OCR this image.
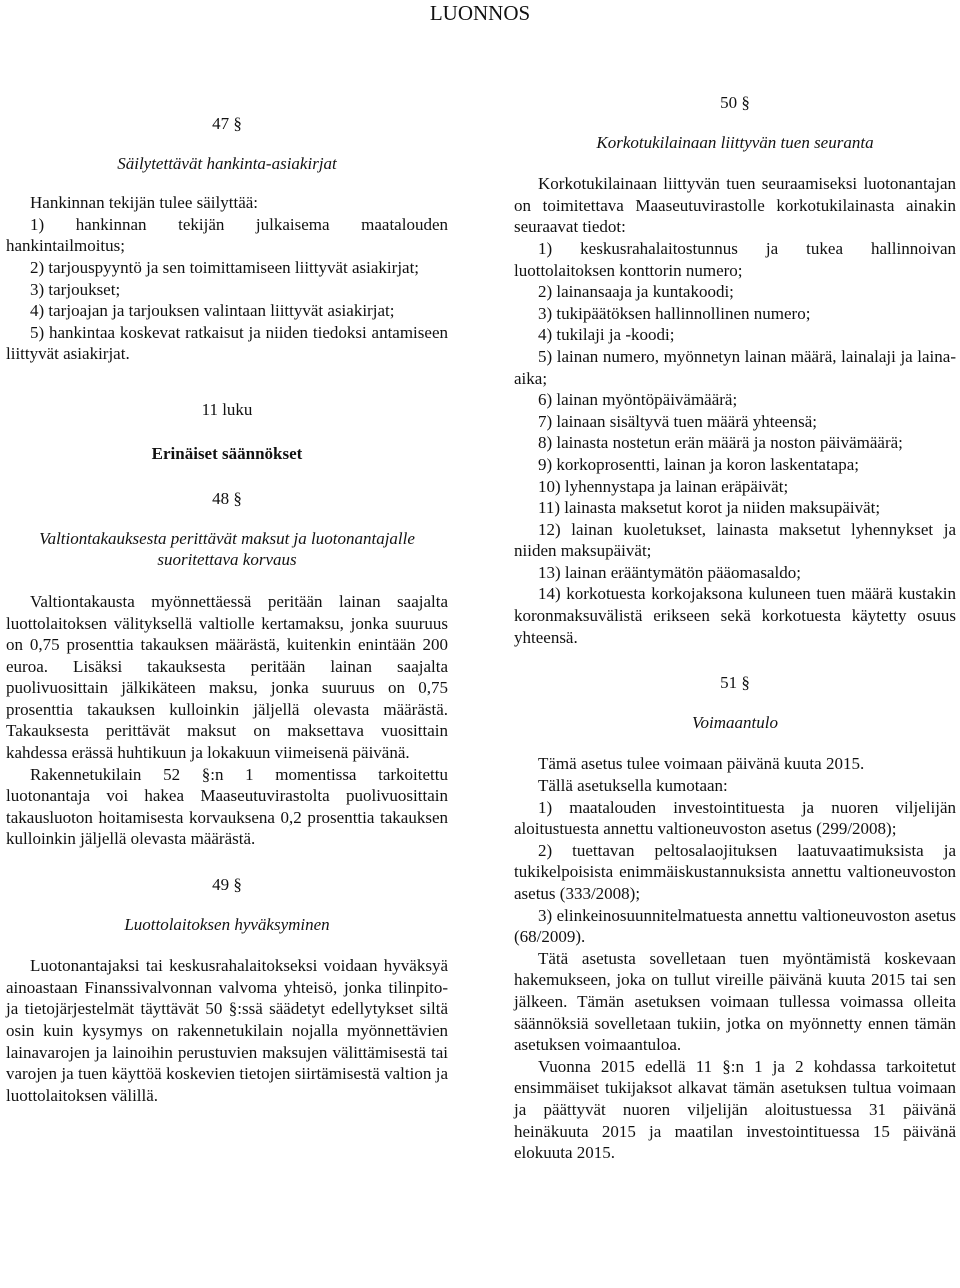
LUONNOS

47 §

Säilytettävät hankinta-asiakirjat

Hankinnan tekijän tulee säilyttää:

1) hankinnan tekijän julkaisema maatalouden hankintailmoitus;

2) tarjouspyyntö ja sen toimittamiseen liittyvät asiakirjat;

3) tarjoukset;

4) tarjoajan ja tarjouksen valintaan liittyvät asiakirjat;

5) hankintaa koskevat ratkaisut ja niiden tiedoksi antamiseen liittyvät asiakirjat.

11 luku

Erinäiset säännökset

48 §

Valtiontakauksesta perittävät maksut ja luotonantajalle suoritettava korvaus

Valtiontakausta myönnettäessä peritään lainan saajalta luottolaitoksen välityksellä valtiolle kertamaksu, jonka suuruus on 0,75 prosenttia takauksen määrästä, kuitenkin enintään 200 euroa. Lisäksi takauksesta peritään lainan saajalta puolivuosittain jälkikäteen maksu, jonka suuruus on 0,75 prosenttia takauksen kulloinkin jäljellä olevasta määrästä. Takauksesta perittävät maksut on maksettava vuosittain kahdessa erässä huhtikuun ja lokakuun viimeisenä päivänä.

Rakennetukilain 52 §:n 1 momentissa tarkoitettu luotonantaja voi hakea Maaseutuvirastolta puolivuosittain takausluoton hoitamisesta korvauksena 0,2 prosenttia takauksen kulloinkin jäljellä olevasta määrästä.

49 §

Luottolaitoksen hyväksyminen

Luotonantajaksi tai keskusrahalaitokseksi voidaan hyväksyä ainoastaan Finanssivalvonnan valvoma yhteisö, jonka tilinpito- ja tietojärjestelmät täyttävät 50 §:ssä säädetyt edellytykset siltä osin kuin kysymys on rakennetukilain nojalla myönnettävien lainavarojen ja lainoihin perustuvien maksujen välittämisestä tai varojen ja tuen käyttöä koskevien tietojen siirtämisestä valtion ja luottolaitoksen välillä.

50 §

Korkotukilainaan liittyvän tuen seuranta

Korkotukilainaan liittyvän tuen seuraamiseksi luotonantajan on toimitettava Maaseutuvirastolle korkotukilainasta ainakin seuraavat tiedot:

1) keskusrahalaitostunnus ja tukea hallinnoivan luottolaitoksen konttorin numero;

2) lainansaaja ja kuntakoodi;

3) tukipäätöksen hallinnollinen numero;

4) tukilaji ja -koodi;

5) lainan numero, myönnetyn lainan määrä, lainalaji ja laina-aika;

6) lainan myöntöpäivämäärä;

7) lainaan sisältyvä tuen määrä yhteensä;

8) lainasta nostetun erän määrä ja noston päivämäärä;

9) korkoprosentti, lainan ja koron laskentatapa;

10) lyhennystapa ja lainan eräpäivät;

11) lainasta maksetut korot ja niiden maksupäivät;

12) lainan kuoletukset, lainasta maksetut lyhennykset ja niiden maksupäivät;

13) lainan erääntymätön pääomasaldo;

14) korkotuesta korkojaksona kuluneen tuen määrä kustakin koronmaksuvälistä erikseen sekä korkotuesta käytetty osuus yhteensä.

51 §

Voimaantulo

Tämä asetus tulee voimaan päivänä kuuta 2015.

Tällä asetuksella kumotaan:

1) maatalouden investointituesta ja nuoren viljelijän aloitustuesta annettu valtioneuvoston asetus (299/2008);

2) tuettavan peltosalaojituksen laatuvaatimuksista ja tukikelpoisista enimmäiskustannuksista annettu valtioneuvoston asetus (333/2008);

3) elinkeinosuunnitelmatuesta annettu valtioneuvoston asetus (68/2009).

Tätä asetusta sovelletaan tuen myöntämistä koskevaan hakemukseen, joka on tullut vireille päivänä kuuta 2015 tai sen jälkeen. Tämän asetuksen voimaan tullessa voimassa olleita säännöksiä sovelletaan tukiin, jotka on myönnetty ennen tämän asetuksen voimaantuloa.

Vuonna 2015 edellä 11 §:n 1 ja 2 kohdassa tarkoitetut ensimmäiset tukijaksot alkavat tämän asetuksen tultua voimaan ja päättyvät nuoren viljelijän aloitustuessa 31 päivänä heinäkuuta 2015 ja maatilan investointituessa 15 päivänä elokuuta 2015.
